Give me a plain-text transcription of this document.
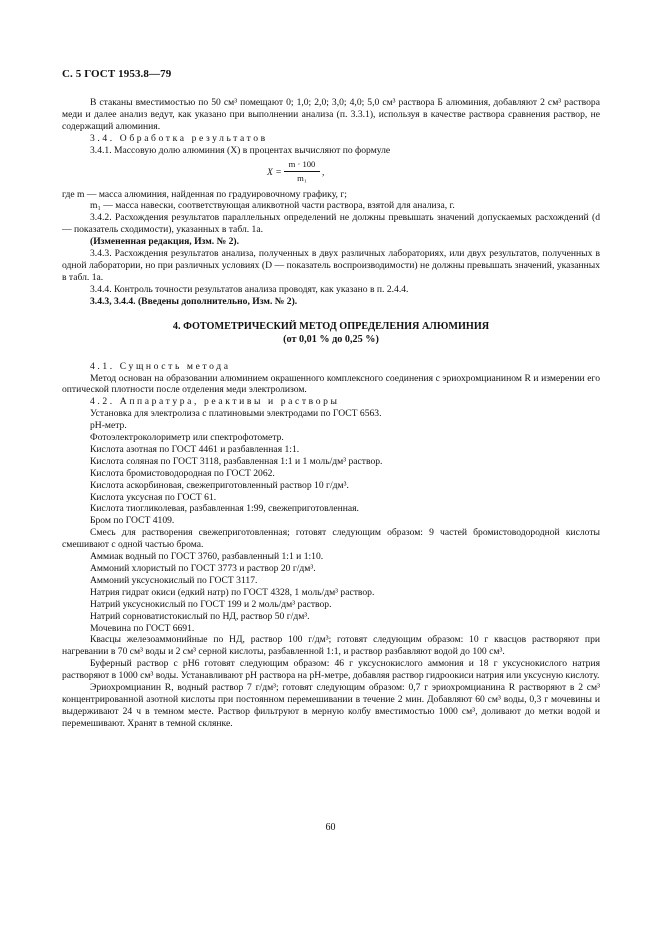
С. 5 ГОСТ 1953.8—79

В стаканы вместимостью по 50 см³ помещают 0; 1,0; 2,0; 3,0; 4,0; 5,0 см³ раствора Б алюминия, добавляют 2 см³ раствора меди и далее анализ ведут, как указано при выполнении анализа (п. 3.3.1), используя в качестве раствора сравнения раствор, не содержащий алюминия.

3.4. Обработка результатов

3.4.1. Массовую долю алюминия (X) в процентах вычисляют по формуле

$X = \frac{m \cdot 100}{\text{m₁}}$ ,

где m — масса алюминия, найденная по градуировочному графику, г;

m₁ — масса навески, соответствующая аликвотной части раствора, взятой для анализа, г.

3.4.2. Расхождения результатов параллельных определений не должны превышать значений допускаемых расхождений (d — показатель сходимости), указанных в табл. 1а.

(Измененная редакция, Изм. № 2).

3.4.3. Расхождения результатов анализа, полученных в двух различных лабораториях, или двух результатов, полученных в одной лаборатории, но при различных условиях (D — показатель воспроизводимости) не должны превышать значений, указанных в табл. 1а.

3.4.4. Контроль точности результатов анализа проводят, как указано в п. 2.4.4.

3.4.3, 3.4.4. (Введены дополнительно, Изм. № 2).

4. ФОТОМЕТРИЧЕСКИЙ МЕТОД ОПРЕДЕЛЕНИЯ АЛЮМИНИЯ
(от 0,01 % до 0,25 %)

4.1. Сущность метода

Метод основан на образовании алюминием окрашенного комплексного соединения с эриохромцианином R и измерении его оптической плотности после отделения меди электролизом.

4.2. Аппаратура, реактивы и растворы

Установка для электролиза с платиновыми электродами по ГОСТ 6563.

рН-метр.

Фотоэлектроколориметр или спектрофотометр.

Кислота азотная по ГОСТ 4461 и разбавленная 1:1.

Кислота соляная по ГОСТ 3118, разбавленная 1:1 и 1 моль/дм³ раствор.

Кислота бромистоводородная по ГОСТ 2062.

Кислота аскорбиновая, свежеприготовленный раствор 10 г/дм³.

Кислота уксусная по ГОСТ 61.

Кислота тиогликолевая, разбавленная 1:99, свежеприготовленная.

Бром по ГОСТ 4109.

Смесь для растворения свежеприготовленная; готовят следующим образом: 9 частей бромистоводородной кислоты смешивают с одной частью брома.

Аммиак водный по ГОСТ 3760, разбавленный 1:1 и 1:10.

Аммоний хлористый по ГОСТ 3773 и раствор 20 г/дм³.

Аммоний уксуснокислый по ГОСТ 3117.

Натрия гидрат окиси (едкий натр) по ГОСТ 4328, 1 моль/дм³ раствор.

Натрий уксуснокислый по ГОСТ 199 и 2 моль/дм³ раствор.

Натрий сорноватистокислый по НД, раствор 50 г/дм³.

Мочевина по ГОСТ 6691.

Квасцы железоаммонийные по НД, раствор 100 г/дм³; готовят следующим образом: 10 г квасцов растворяют при нагревании в 70 см³ воды и 2 см³ серной кислоты, разбавленной 1:1, и раствор разбавляют водой до 100 см³.

Буферный раствор с рН6 готовят следующим образом: 46 г уксуснокислого аммония и 18 г уксуснокислого натрия растворяют в 1000 см³ воды. Устанавливают рН раствора на рН-метре, добавляя раствор гидроокиси натрия или уксусную кислоту.

Эриохромцианин R, водный раствор 7 г/дм³; готовят следующим образом: 0,7 г эриохромцианина R растворяют в 2 см³ концентрированной азотной кислоты при постоянном перемешивании в течение 2 мин. Добавляют 60 см³ воды, 0,3 г мочевины и выдерживают 24 ч в темном месте. Раствор фильтруют в мерную колбу вместимостью 1000 см³, доливают до метки водой и перемешивают. Хранят в темной склянке.

60
